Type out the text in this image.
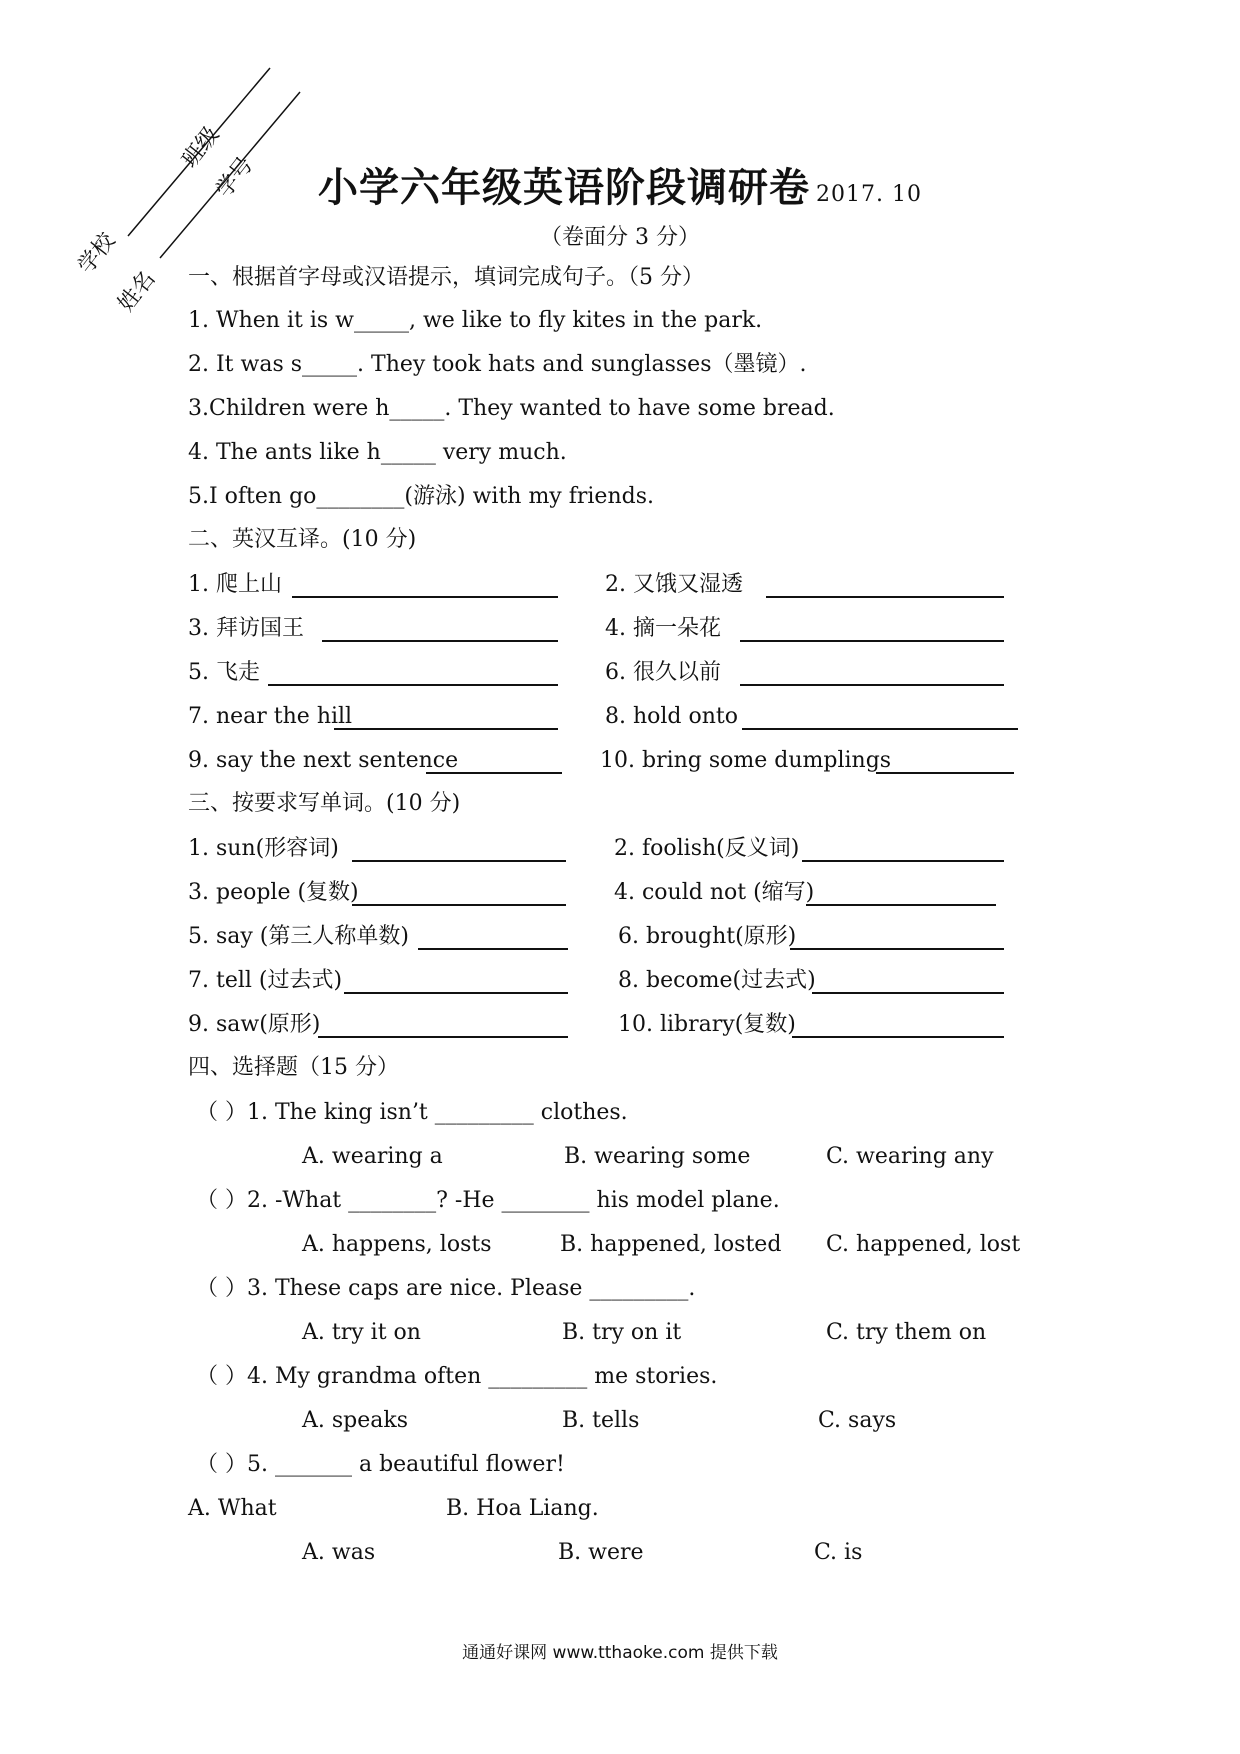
学校
班级
姓名
学号	小学六年级英语阶段调研卷 2017. 10
（卷面分 3 分）
一、根据首字母或汉语提示，填词完成句子。（5 分）
1. When it is w_____, we like to fly kites in the park.
2. It was s_____. They took hats and sunglasses（墨镜）.
3.Children were h_____. They wanted to have some bread.
4. The ants like h_____ very much.
5.I often go________(游泳) with my friends.
二、英汉互译。(10 分)
1. 爬上山	2. 又饿又湿透
3. 拜访国王	4. 摘一朵花
5. 飞走	6. 很久以前
7. near the hill	8. hold onto
9. say the next sentence	10. bring some dumplings
三、按要求写单词。(10 分)
1. sun(形容词)	2. foolish(反义词)
3. people (复数)	4. could not (缩写)
5. say (第三人称单数)	6. brought(原形)
7. tell (过去式)	8. become(过去式)
9. saw(原形)	10. library(复数)
四、选择题（15 分）
（ ）1. The king isn’t _________ clothes.
A. wearing a	B. wearing some	C. wearing any
（ ）2. -What ________? -He ________ his model plane.
A. happens, losts	B. happened, losted C. happened, lost
（ ）3. These caps are nice. Please _________.
A. try it on	B. try on it	C. try them on
（ ）4. My grandma often _________ me stories.
A. speaks	B. tells	C. says
（ ）5. _______ a beautiful flower!
A. What	B. Hoa Liang.
A. was	B. were	C. is
通通好课网 www.tthaoke.com 提供下载
